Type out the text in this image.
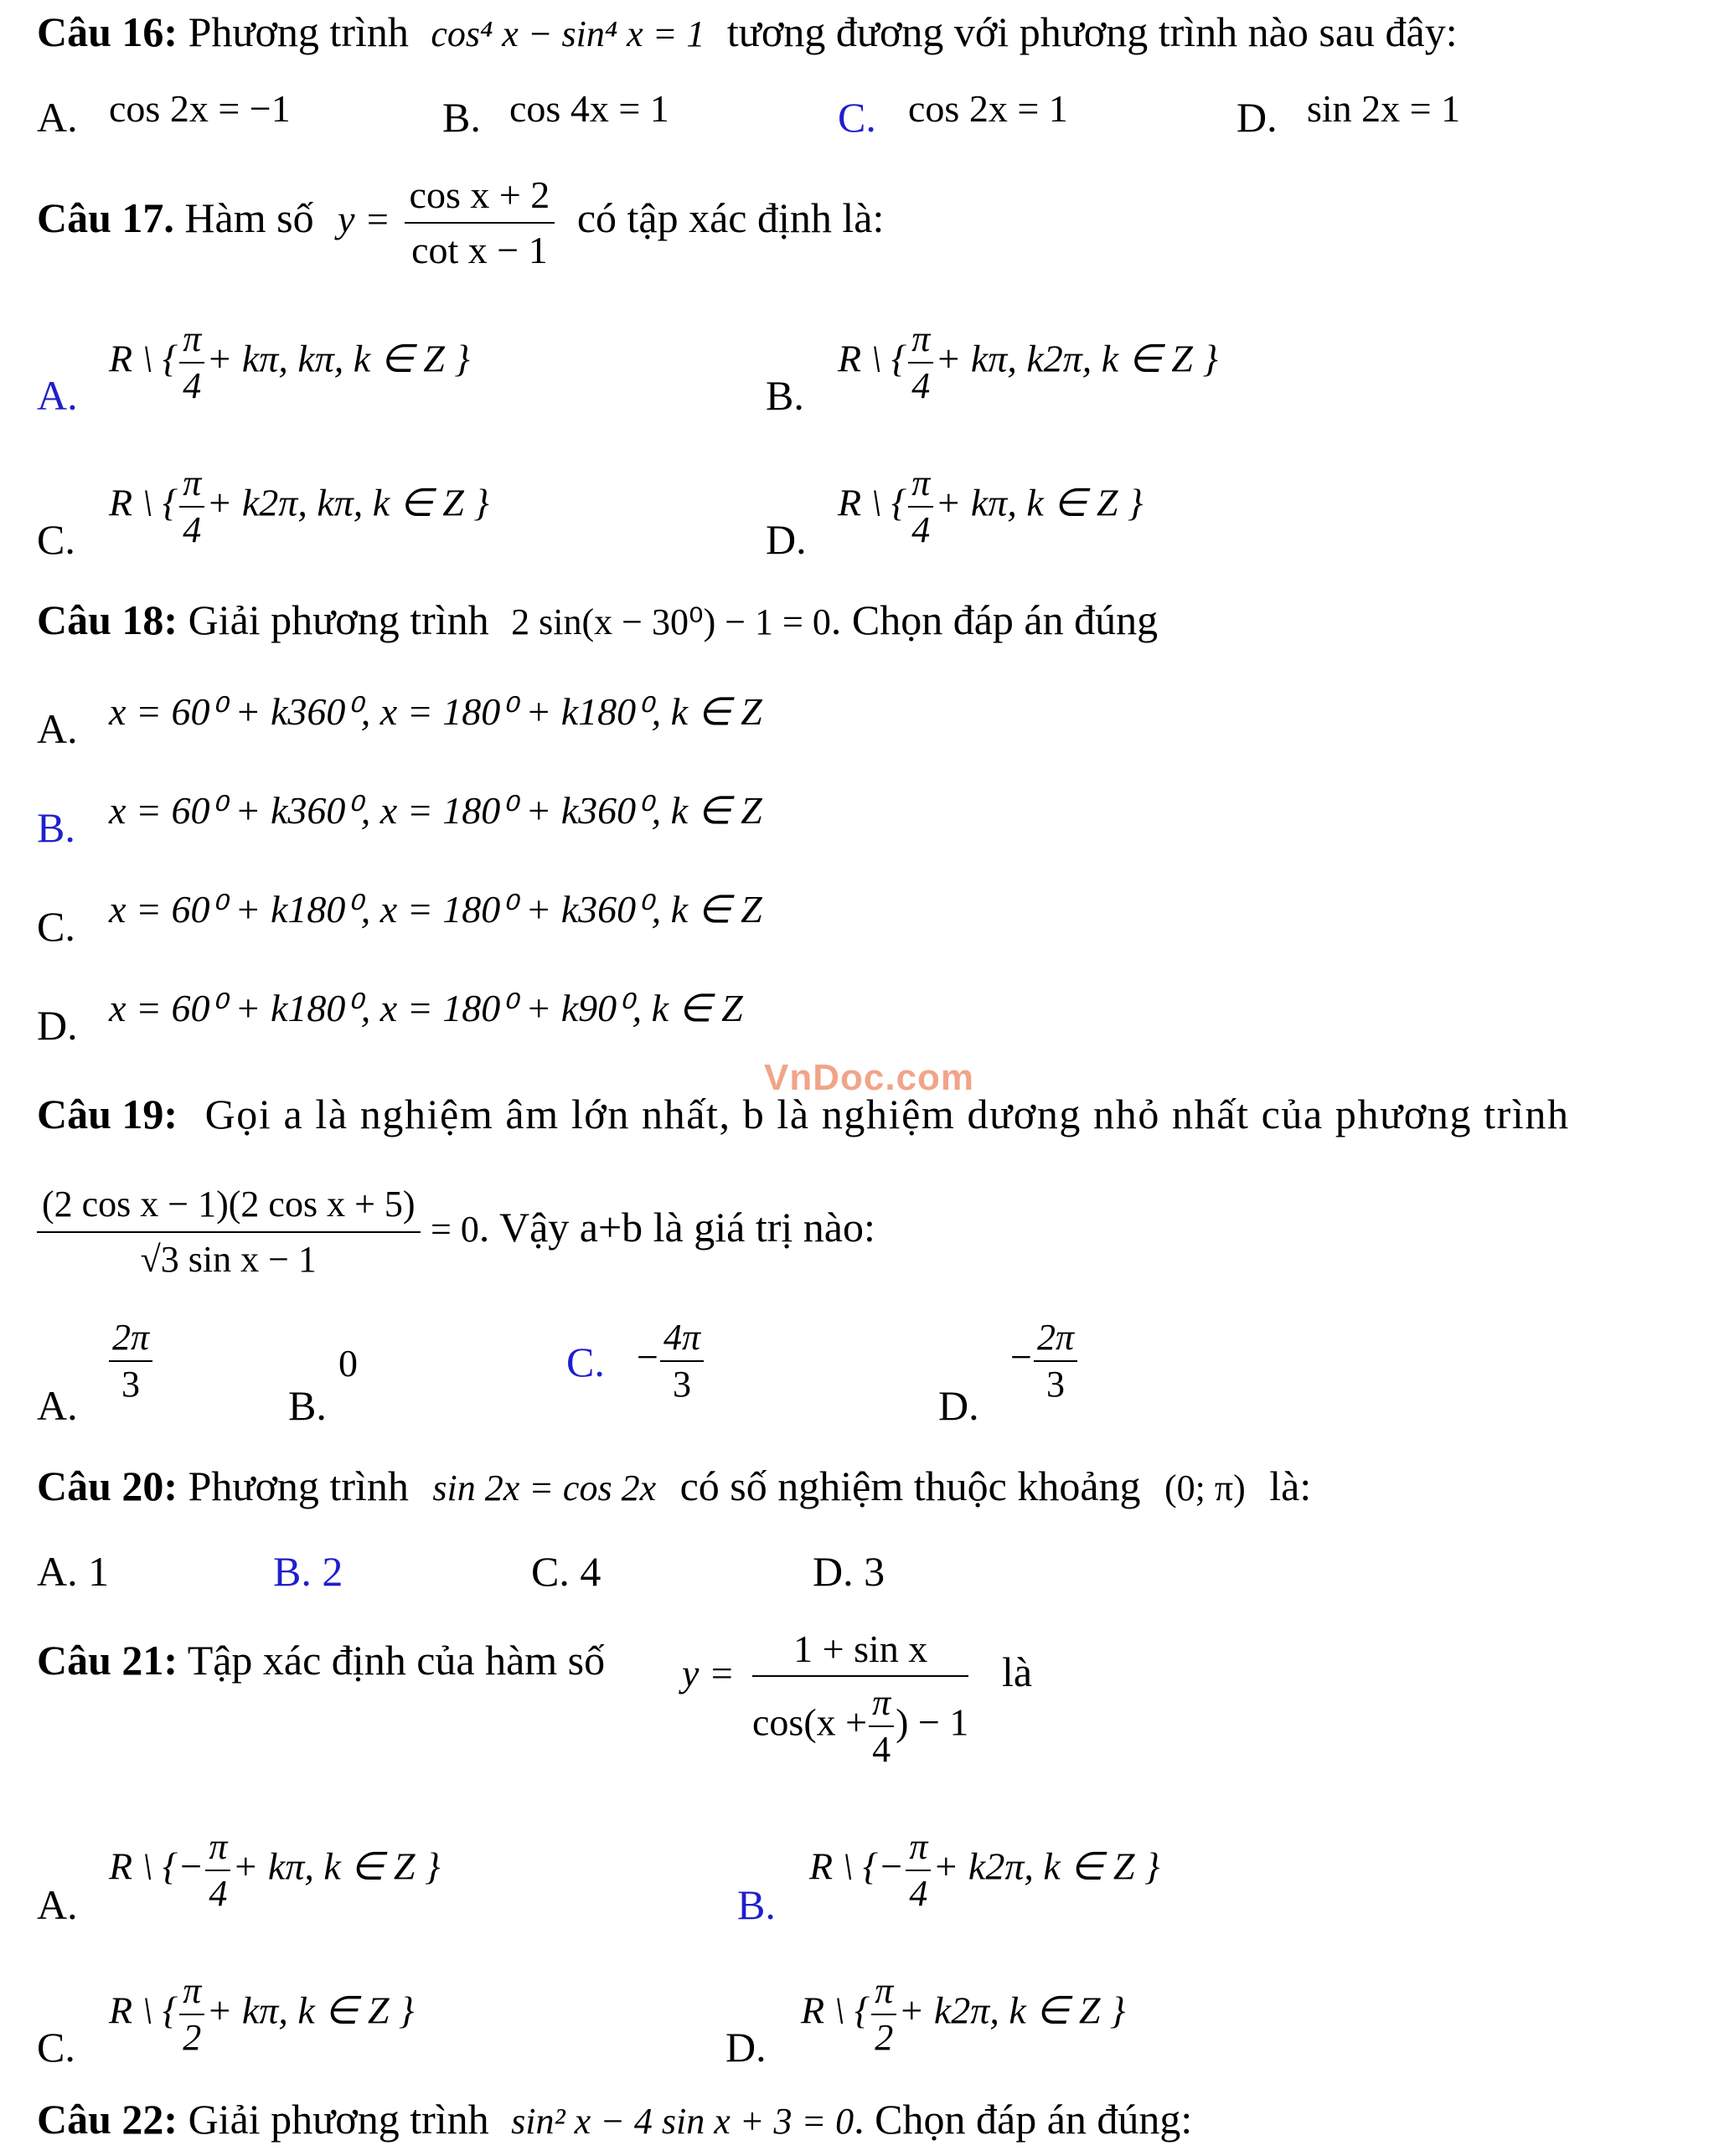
VnDoc.com
Câu 16: Phương trình cos⁴ x − sin⁴ x = 1 tương đương với phương trình nào sau đây:
A. cos 2x = −1	B. cos 4x = 1	C. cos 2x = 1	D. sin 2x = 1
Câu 17. Hàm số $y = \frac{\text{cos x + 2}}{\text{cot x − 1}}$ có tập xác định là:
A.
R \ { $\frac{\pi}{4} + k\pi$, kπ, k ∈ Z }
B.
R \ { $\frac{\pi}{4} + k\pi$, k2π, k ∈ Z }
C.
R \ { $\frac{\pi}{4} + k2\pi$, kπ, k ∈ Z }
D.
R \ { $\frac{\pi}{4} + k\pi$, k ∈ Z }
Câu 18: Giải phương trình 2 sin(x − 30⁰) − 1 = 0. Chọn đáp án đúng
A. x = 60⁰ + k360⁰, x = 180⁰ + k180⁰, k ∈ Z
B. x = 60⁰ + k360⁰, x = 180⁰ + k360⁰, k ∈ Z
C. x = 60⁰ + k180⁰, x = 180⁰ + k360⁰, k ∈ Z
D. x = 60⁰ + k180⁰, x = 180⁰ + k90⁰, k ∈ Z
Câu 19: Gọi a là nghiệm âm lớn nhất, b là nghiệm dương nhỏ nhất của phương trình
$\frac{\text{(2 cos x − 1)(2 cos x + 5)}}{\text{√3 sin x − 1}} = 0$. Vậy a+b là giá trị nào:
A. $\frac{2\pi}{3}$	B.
0	C. − $\frac{4\pi}{3}$	D.
− $\frac{2\pi}{3}$
Câu 20: Phương trình sin 2x = cos 2x có số nghiệm thuộc khoảng (0; π) là:
A. 1	B. 2	C. 4	D. 3
Câu 21: Tập xác định của hàm số $y = \frac{\text{1 + sin x}}{\cos(x + \frac{\pi}{4} ) - 1}$ là
A.
R \ {− $\frac{\pi}{4} + k\pi$, k ∈ Z }
B.
R \ {− $\frac{\pi}{4} + k2\pi$, k ∈ Z }
C.
R \ { $\frac{\pi}{2} + k\pi$, k ∈ Z }
D.
R \ { $\frac{\pi}{2} + k2\pi$, k ∈ Z }
Câu 22: Giải phương trình sin² x − 4 sin x + 3 = 0. Chọn đáp án đúng:
